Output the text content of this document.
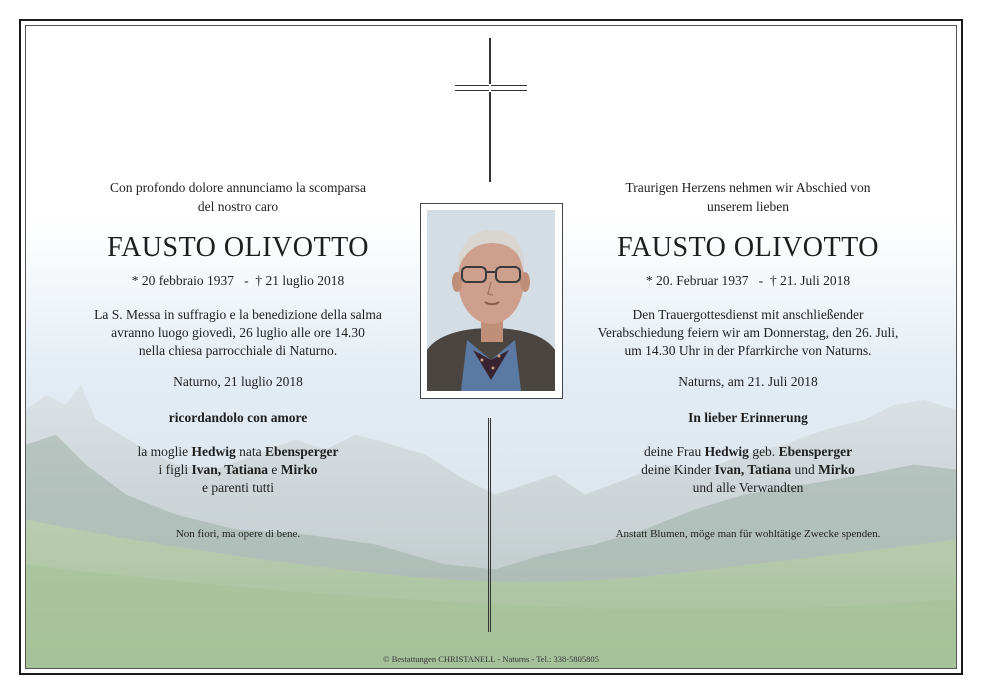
Con profondo dolore annunciamo la scomparsa
del nostro caro
FAUSTO OLIVOTTO
* 20 febbraio 1937   -  † 21 luglio 2018
La S. Messa in suffragio e la benedizione della salma
avranno luogo giovedì, 26 luglio alle ore 14.30
nella chiesa parrocchiale di Naturno.
Naturno, 21 luglio 2018
ricordandolo con amore
la moglie Hedwig nata Ebensperger
i figli Ivan, Tatiana e Mirko
e parenti tutti
Non fiori, ma opere di bene.
Traurigen Herzens nehmen wir Abschied von
unserem lieben
FAUSTO OLIVOTTO
* 20. Februar 1937   -  † 21. Juli 2018
Den Trauergottesdienst mit anschließender
Verabschiedung feiern wir am Donnerstag, den 26. Juli,
um 14.30 Uhr in der Pfarrkirche von Naturns.
Naturns, am 21. Juli 2018
In lieber Erinnerung
deine Frau Hedwig geb. Ebensperger
deine Kinder Ivan, Tatiana und Mirko
und alle Verwandten
Anstatt Blumen, möge man für wohltätige Zwecke spenden.
© Bestattungen CHRISTANELL - Naturns - Tel.: 338-5805805
